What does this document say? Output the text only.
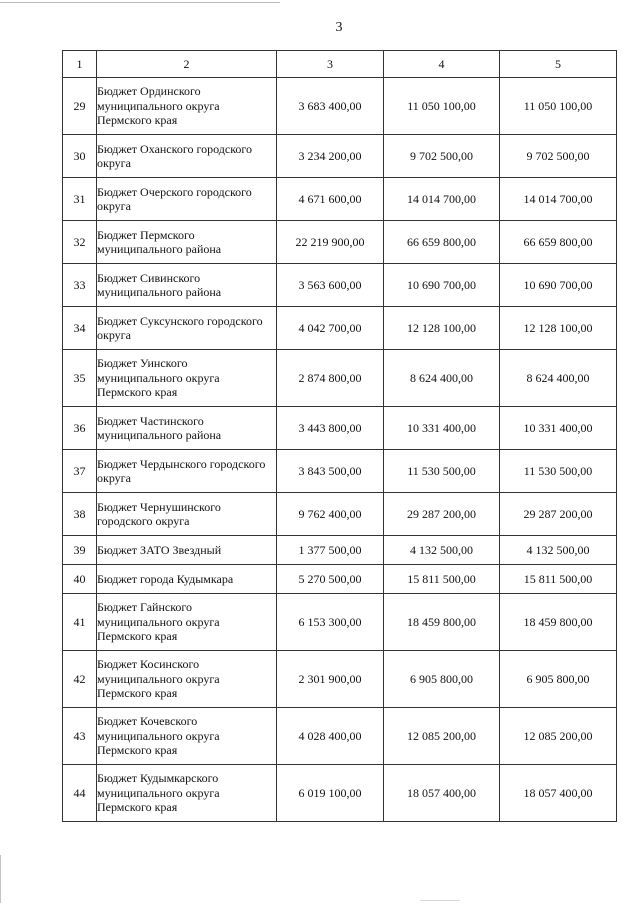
3
1	2	3	4	5
29	Бюджет Ординского муниципального округа Пермского края	3 683 400,00	11 050 100,00	11 050 100,00
30	Бюджет Оханского городского округа	3 234 200,00	9 702 500,00	9 702 500,00
31	Бюджет Очерского городского округа	4 671 600,00	14 014 700,00	14 014 700,00
32	Бюджет Пермского муниципального района	22 219 900,00	66 659 800,00	66 659 800,00
33	Бюджет Сивинского муниципального района	3 563 600,00	10 690 700,00	10 690 700,00
34	Бюджет Суксунского городского округа	4 042 700,00	12 128 100,00	12 128 100,00
35	Бюджет Уинского муниципального округа Пермского края	2 874 800,00	8 624 400,00	8 624 400,00
36	Бюджет Частинского муниципального района	3 443 800,00	10 331 400,00	10 331 400,00
37	Бюджет Чердынского городского округа	3 843 500,00	11 530 500,00	11 530 500,00
38	Бюджет Чернушинского городского округа	9 762 400,00	29 287 200,00	29 287 200,00
39	Бюджет ЗАТО Звездный	1 377 500,00	4 132 500,00	4 132 500,00
40	Бюджет города Кудымкара	5 270 500,00	15 811 500,00	15 811 500,00
41	Бюджет Гайнского муниципального округа Пермского края	6 153 300,00	18 459 800,00	18 459 800,00
42	Бюджет Косинского муниципального округа Пермского края	2 301 900,00	6 905 800,00	6 905 800,00
43	Бюджет Кочевского муниципального округа Пермского края	4 028 400,00	12 085 200,00	12 085 200,00
44	Бюджет Кудымкарского муниципального округа Пермского края	6 019 100,00	18 057 400,00	18 057 400,00
